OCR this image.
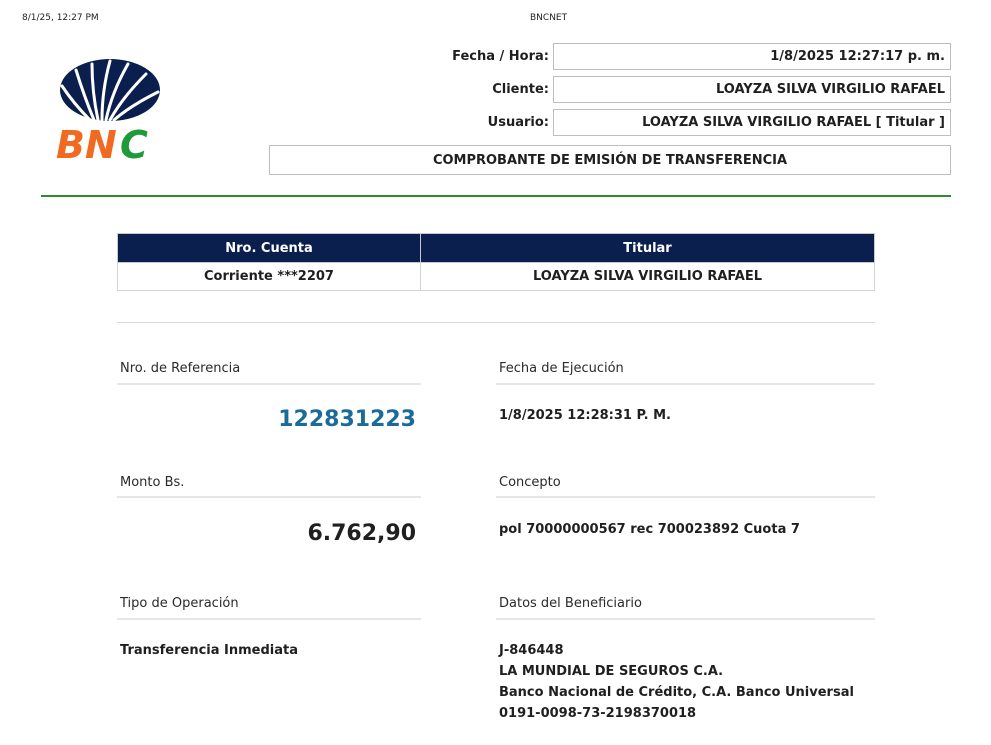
8/1/25, 12:27 PM	BNCNET
BN C
Fecha / Hora:	1/8/2025 12:27:17 p. m.
Cliente:	LOAYZA SILVA VIRGILIO RAFAEL
Usuario:	LOAYZA SILVA VIRGILIO RAFAEL [ Titular ]
COMPROBANTE DE EMISIÓN DE TRANSFERENCIA
Nro. Cuenta	Titular
Corriente ***2207	LOAYZA SILVA VIRGILIO RAFAEL
Nro. de Referencia
122831223
Monto Bs.
6.762,90
Tipo de Operación
Transferencia Inmediata
Fecha de Ejecución
1/8/2025 12:28:31 P. M.
Concepto
pol 70000000567 rec 700023892 Cuota 7
Datos del Beneficiario
J-846448
LA MUNDIAL DE SEGUROS C.A.
Banco Nacional de Crédito, C.A. Banco Universal
0191-0098-73-2198370018
